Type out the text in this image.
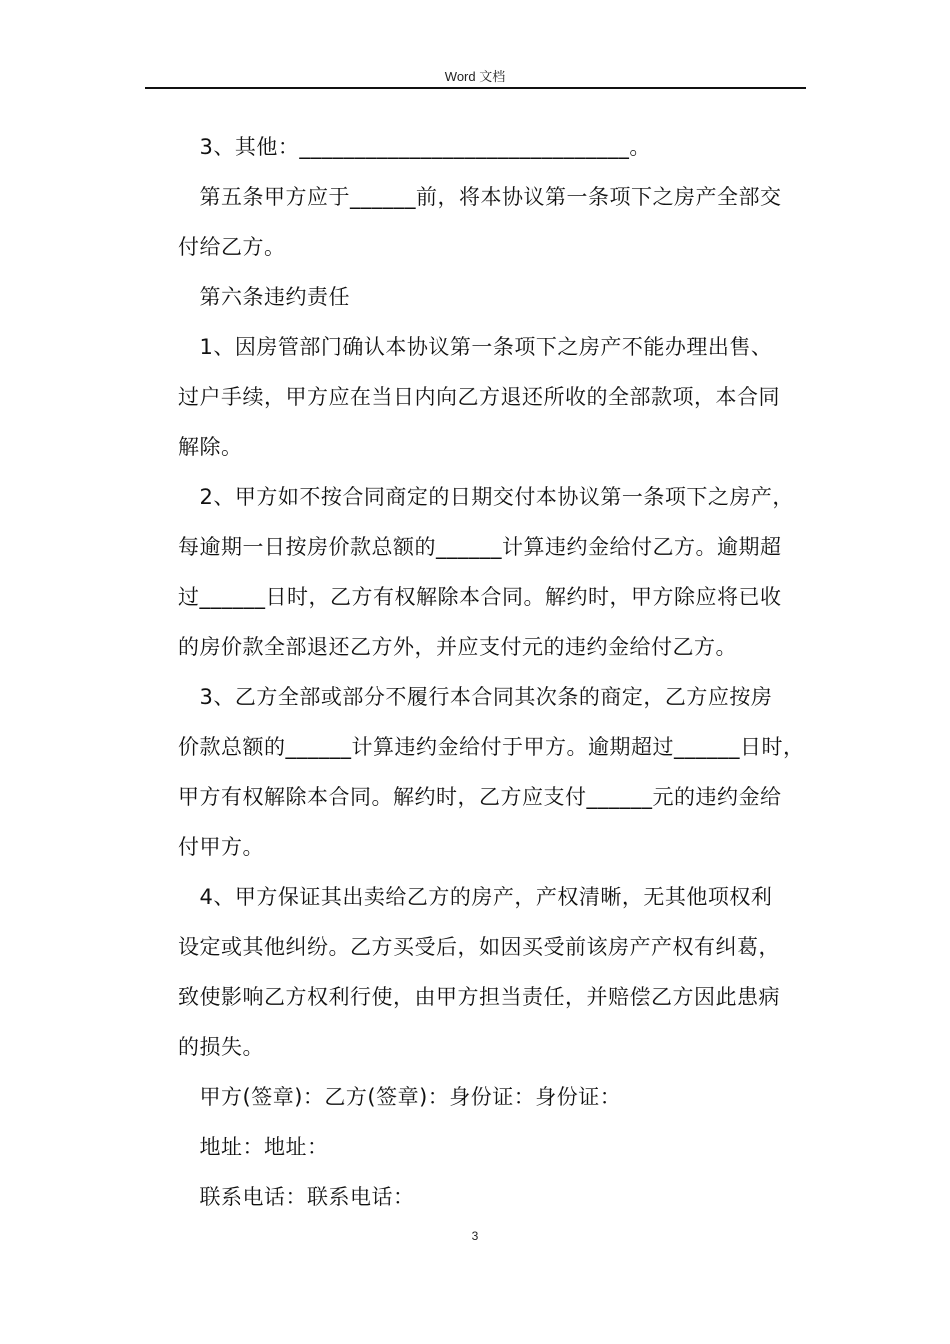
Word 文档
　3、其他：______________________________。
　第五条甲方应于______前，将本协议第一条项下之房产全部交
付给乙方。
　第六条违约责任
　1、因房管部门确认本协议第一条项下之房产不能办理出售、
过户手续，甲方应在当日内向乙方退还所收的全部款项，本合同
解除。
　2、甲方如不按合同商定的日期交付本协议第一条项下之房产，
每逾期一日按房价款总额的______计算违约金给付乙方。逾期超
过______日时，乙方有权解除本合同。解约时，甲方除应将已收
的房价款全部退还乙方外，并应支付元的违约金给付乙方。
　3、乙方全部或部分不履行本合同其次条的商定，乙方应按房
价款总额的______计算违约金给付于甲方。逾期超过______日时，
甲方有权解除本合同。解约时，乙方应支付______元的违约金给
付甲方。
　4、甲方保证其出卖给乙方的房产，产权清晰，无其他项权利
设定或其他纠纷。乙方买受后，如因买受前该房产产权有纠葛，
致使影响乙方权利行使，由甲方担当责任，并赔偿乙方因此患病
的损失。
　甲方(签章)：乙方(签章)：身份证：身份证：
　地址：地址：
　联系电话：联系电话：
3
